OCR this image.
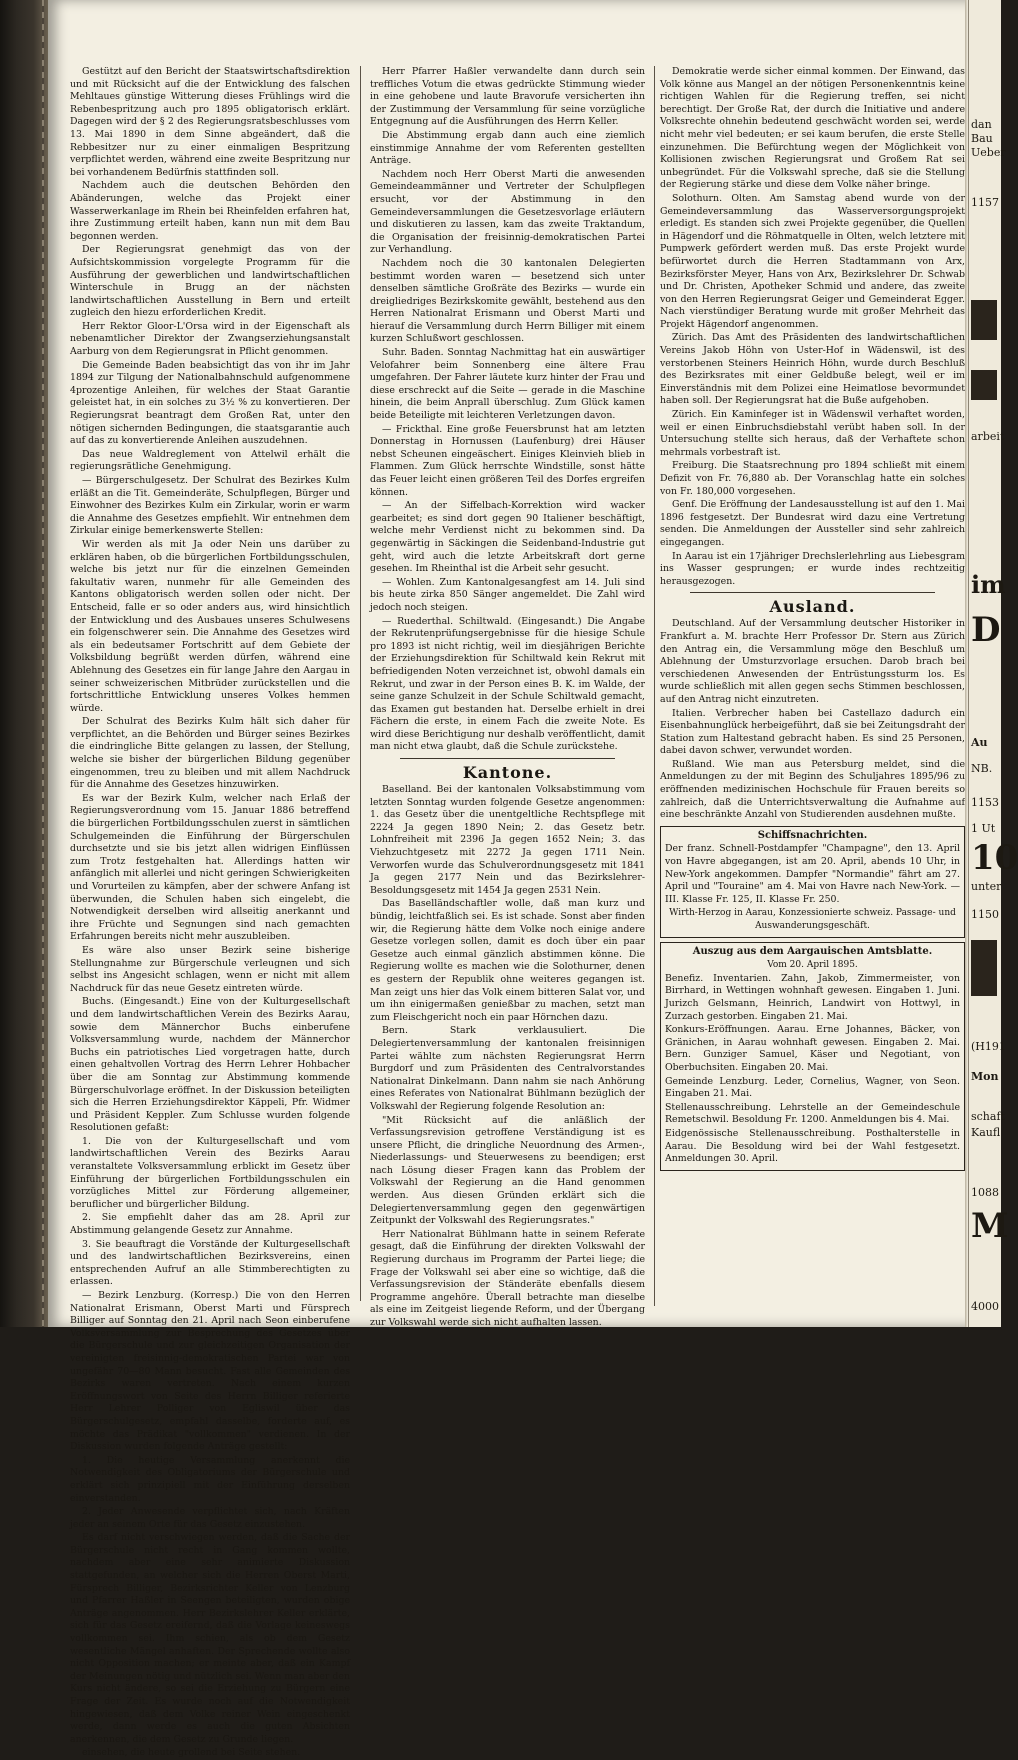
Gestützt auf den Bericht der Staatswirtschaftsdirektion und mit Rücksicht auf die der Entwicklung des falschen Mehltaues günstige Witterung dieses Frühlings wird die Rebenbespritzung auch pro 1895 obligatorisch erklärt. Dagegen wird der § 2 des Regierungsratsbeschlusses vom 13. Mai 1890 in dem Sinne abgeändert, daß die Rebbesitzer nur zu einer einmaligen Bespritzung verpflichtet werden, während eine zweite Bespritzung nur bei vorhandenem Bedürfnis stattfinden soll.

Nachdem auch die deutschen Behörden den Abänderungen, welche das Projekt einer Wasserwerkanlage im Rhein bei Rheinfelden erfahren hat, ihre Zustimmung erteilt haben, kann nun mit dem Bau begonnen werden.

Der Regierungsrat genehmigt das von der Aufsichtskommission vorgelegte Programm für die Ausführung der gewerblichen und landwirtschaftlichen Winterschule in Brugg an der nächsten landwirtschaftlichen Ausstellung in Bern und erteilt zugleich den hiezu erforderlichen Kredit.

Herr Rektor Gloor-L'Orsa wird in der Eigenschaft als nebenamtlicher Direktor der Zwangserziehungsanstalt Aarburg von dem Regierungsrat in Pflicht genommen.

Die Gemeinde Baden beabsichtigt das von ihr im Jahr 1894 zur Tilgung der Nationalbahnschuld aufgenommene 4prozentige Anleihen, für welches der Staat Garantie geleistet hat, in ein solches zu 3½ % zu konvertieren. Der Regierungsrat beantragt dem Großen Rat, unter den nötigen sichernden Bedingungen, die staatsgarantie auch auf das zu konvertierende Anleihen auszudehnen.

Das neue Waldreglement von Attelwil erhält die regierungsrätliche Genehmigung.

— Bürgerschulgesetz. Der Schulrat des Bezirkes Kulm erläßt an die Tit. Gemeinderäte, Schulpflegen, Bürger und Einwohner des Bezirkes Kulm ein Zirkular, worin er warm die Annahme des Gesetzes empfiehlt. Wir entnehmen dem Zirkular einige bemerkenswerte Stellen:

Wir werden als mit Ja oder Nein uns darüber zu erklären haben, ob die bürgerlichen Fortbildungsschulen, welche bis jetzt nur für die einzelnen Gemeinden fakultativ waren, nunmehr für alle Gemeinden des Kantons obligatorisch werden sollen oder nicht. Der Entscheid, falle er so oder anders aus, wird hinsichtlich der Entwicklung und des Ausbaues unseres Schulwesens ein folgenschwerer sein. Die Annahme des Gesetzes wird als ein bedeutsamer Fortschritt auf dem Gebiete der Volksbildung begrüßt werden dürfen, während eine Ablehnung des Gesetzes ein für lange Jahre den Aargau in seiner schweizerischen Mitbrüder zurückstellen und die fortschrittliche Entwicklung unseres Volkes hemmen würde.

Der Schulrat des Bezirks Kulm hält sich daher für verpflichtet, an die Behörden und Bürger seines Bezirkes die eindringliche Bitte gelangen zu lassen, der Stellung, welche sie bisher der bürgerlichen Bildung gegenüber eingenommen, treu zu bleiben und mit allem Nachdruck für die Annahme des Gesetzes hinzuwirken.

Es war der Bezirk Kulm, welcher nach Erlaß der Regierungsverordnung vom 15. Januar 1886 betreffend die bürgerlichen Fortbildungsschulen zuerst in sämtlichen Schulgemeinden die Einführung der Bürgerschulen durchsetzte und sie bis jetzt allen widrigen Einflüssen zum Trotz festgehalten hat. Allerdings hatten wir anfänglich mit allerlei und nicht geringen Schwierigkeiten und Vorurteilen zu kämpfen, aber der schwere Anfang ist überwunden, die Schulen haben sich eingelebt, die Notwendigkeit derselben wird allseitig anerkannt und ihre Früchte und Segnungen sind nach gemachten Erfahrungen bereits nicht mehr auszubleiben.

Es wäre also unser Bezirk seine bisherige Stellungnahme zur Bürgerschule verleugnen und sich selbst ins Angesicht schlagen, wenn er nicht mit allem Nachdruck für das neue Gesetz eintreten würde.

Buchs. (Eingesandt.) Eine von der Kulturgesellschaft und dem landwirtschaftlichen Verein des Bezirks Aarau, sowie dem Männerchor Buchs einberufene Volksversammlung wurde, nachdem der Männerchor Buchs ein patriotisches Lied vorgetragen hatte, durch einen gehaltvollen Vortrag des Herrn Lehrer Hohbacher über die am Sonntag zur Abstimmung kommende Bürgerschulvorlage eröffnet. In der Diskussion beteiligten sich die Herren Erziehungsdirektor Käppeli, Pfr. Widmer und Präsident Keppler. Zum Schlusse wurden folgende Resolutionen gefaßt:

1. Die von der Kulturgesellschaft und vom landwirtschaftlichen Verein des Bezirks Aarau veranstaltete Volksversammlung erblickt im Gesetz über Einführung der bürgerlichen Fortbildungsschulen ein vorzügliches Mittel zur Förderung allgemeiner, beruflicher und bürgerlicher Bildung.

2. Sie empfiehlt daher das am 28. April zur Abstimmung gelangende Gesetz zur Annahme.

3. Sie beauftragt die Vorstände der Kulturgesellschaft und des landwirtschaftlichen Bezirksvereins, einen entsprechenden Aufruf an alle Stimmberechtigten zu erlassen.

— Bezirk Lenzburg. (Korresp.) Die von den Herren Nationalrat Erismann, Oberst Marti und Fürsprech Billiger auf Sonntag den 21. April nach Seon einberufene Volksversammlung zur Besprechung des Gesetzes über die Bürgerschule und zur gleichzeitigen Organisation der vereinigten freisinnig-demokratischen Partei war von ungefähr 70—80 Mann besucht. Fast alle Gemeinden des Bezirks waren vertreten. Nach einem kurzen Eröffnungswort von Seite des Herrn Billiger referierte Herr Lehrer Polliger von Egliswil über das Bürgerschulgesetz, empfahl dasselbe, forderte auf, es möchte das Prädikat "vollkommen" verdienen. In der Diskussion wurden folgende Anträge gestellt:

1. Die heutige Versammlung anerkennt die Notwendigkeit des Obligatoriums der Bürgerschule und erklärt sich prinzipiell mit der Einführung derselben einverstanden.

2. Jeder Anwesende verpflichtet sich, nach Kräften jeder an seinem Orte für das Gesetz einzustehen.

Es darf nicht verschwiegen werden, daß die Sache der Bürgerschule nicht recht in Gang kommen wollte, nachdem aber eine sehr animierte Diskussion stattgefunden, an welcher sich die Herren Oberst Marti, Fürsprech Billiger, Bezirksrichter Keller von Lenzburg und Pfarrer Haßler in Seengen beteiligten, wurden obige Anträge angenommen. Herr Bezirkslehrer Keller erklärte, sich für das Gesetz ereifernd, daß die Vorlage keineswegs vollkommen sei. Ihm schien, als ob dem Gesetz wesentliche Mängel anhaften. Der Sprechende wollte also nicht Opposition machen; er meinte aber, daß ein Kampf der Meinungen nötig und nützlich sei. Wenn man aber den Kurs nicht ändere, so sei die Erziehung zu Bürgern eine Frage der Zeit. Es wurde noch auf die Notwendigkeit hingewiesen, daß dem Volke reiner Wein eingeschenkt werde, dann werde es auch die guten Absichten anerkennen, die dem Gesetz zu Grunde liegen.

einsehen, die heute grollend bei Seite stehen.

Herr Pfarrer Haßler verwandelte dann durch sein treffliches Votum die etwas gedrückte Stimmung wieder in eine gehobene und laute Bravorufe versicherten ihn der Zustimmung der Versammlung für seine vorzügliche Entgegnung auf die Ausführungen des Herrn Keller.

Die Abstimmung ergab dann auch eine ziemlich einstimmige Annahme der vom Referenten gestellten Anträge.

Nachdem noch Herr Oberst Marti die anwesenden Gemeindeammänner und Vertreter der Schulpflegen ersucht, vor der Abstimmung in den Gemeindeversammlungen die Gesetzesvorlage erläutern und diskutieren zu lassen, kam das zweite Traktandum, die Organisation der freisinnig-demokratischen Partei zur Verhandlung.

Nachdem noch die 30 kantonalen Delegierten bestimmt worden waren — besetzend sich unter denselben sämtliche Großräte des Bezirks — wurde ein dreigliedriges Bezirkskomite gewählt, bestehend aus den Herren Nationalrat Erismann und Oberst Marti und hierauf die Versammlung durch Herrn Billiger mit einem kurzen Schlußwort geschlossen.

Suhr. Baden. Sonntag Nachmittag hat ein auswärtiger Velofahrer beim Sonnenberg eine ältere Frau umgefahren. Der Fahrer läutete kurz hinter der Frau und diese erschreckt auf die Seite — gerade in die Maschine hinein, die beim Anprall überschlug. Zum Glück kamen beide Beteiligte mit leichteren Verletzungen davon.

— Frickthal. Eine große Feuersbrunst hat am letzten Donnerstag in Hornussen (Laufenburg) drei Häuser nebst Scheunen eingeäschert. Einiges Kleinvieh blieb in Flammen. Zum Glück herrschte Windstille, sonst hätte das Feuer leicht einen größeren Teil des Dorfes ergreifen können.

— An der Siffelbach-Korrektion wird wacker gearbeitet; es sind dort gegen 90 Italiener beschäftigt, welche mehr Verdienst nicht zu bekommen sind. Da gegenwärtig in Säckingen die Seidenband-Industrie gut geht, wird auch die letzte Arbeitskraft dort gerne gesehen. Im Rheinthal ist die Arbeit sehr gesucht.

— Wohlen. Zum Kantonalgesangfest am 14. Juli sind bis heute zirka 850 Sänger angemeldet. Die Zahl wird jedoch noch steigen.

— Ruederthal. Schiltwald. (Eingesandt.) Die Angabe der Rekrutenprüfungsergebnisse für die hiesige Schule pro 1893 ist nicht richtig, weil im diesjährigen Berichte der Erziehungsdirektion für Schiltwald kein Rekrut mit befriedigenden Noten verzeichnet ist, obwohl damals ein Rekrut, und zwar in der Person eines B. K. im Walde, der seine ganze Schulzeit in der Schule Schiltwald gemacht, das Examen gut bestanden hat. Derselbe erhielt in drei Fächern die erste, in einem Fach die zweite Note. Es wird diese Berichtigung nur deshalb veröffentlicht, damit man nicht etwa glaubt, daß die Schule zurückstehe.

Kantone.

Baselland. Bei der kantonalen Volksabstimmung vom letzten Sonntag wurden folgende Gesetze angenommen: 1. das Gesetz über die unentgeltliche Rechtspflege mit 2224 Ja gegen 1890 Nein; 2. das Gesetz betr. Lohnfreiheit mit 2396 Ja gegen 1652 Nein; 3. das Viehzuchtgesetz mit 2272 Ja gegen 1711 Nein. Verworfen wurde das Schulverordnungsgesetz mit 1841 Ja gegen 2177 Nein und das Bezirkslehrer-Besoldungsgesetz mit 1454 Ja gegen 2531 Nein.

Das Baselländschaftler wolle, daß man kurz und bündig, leichtfaßlich sei. Es ist schade. Sonst aber finden wir, die Regierung hätte dem Volke noch einige andere Gesetze vorlegen sollen, damit es doch über ein paar Gesetze auch einmal gänzlich abstimmen könne. Die Regierung wollte es machen wie die Solothurner, denen es gestern der Republik ohne weiteres gegangen ist. Man zeigt uns hier das Volk einem bitteren Salat vor, und um ihn einigermaßen genießbar zu machen, setzt man zum Fleischgericht noch ein paar Hörnchen dazu.

Bern. Stark verklausuliert. Die Delegiertenversammlung der kantonalen freisinnigen Partei wählte zum nächsten Regierungsrat Herrn Burgdorf und zum Präsidenten des Centralvorstandes Nationalrat Dinkelmann. Dann nahm sie nach Anhörung eines Referates von Nationalrat Bühlmann bezüglich der Volkswahl der Regierung folgende Resolution an:

"Mit Rücksicht auf die anläßlich der Verfassungsrevision getroffene Verständigung ist es unsere Pflicht, die dringliche Neuordnung des Armen-, Niederlassungs- und Steuerwesens zu beendigen; erst nach Lösung dieser Fragen kann das Problem der Volkswahl der Regierung an die Hand genommen werden. Aus diesen Gründen erklärt sich die Delegiertenversammlung gegen den gegenwärtigen Zeitpunkt der Volkswahl des Regierungsrates."

Herr Nationalrat Bühlmann hatte in seinem Referate gesagt, daß die Einführung der direkten Volkswahl der Regierung durchaus im Programm der Partei liege; die Frage der Volkswahl sei aber eine so wichtige, daß die Verfassungsrevision der Ständeräte ebenfalls diesem Programme angehöre. Überall betrachte man dieselbe als eine im Zeitgeist liegende Reform, und der Übergang zur Volkswahl werde sich nicht aufhalten lassen.

Demokratie werde sicher einmal kommen. Der Einwand, das Volk könne aus Mangel an der nötigen Personenkenntnis keine richtigen Wahlen für die Regierung treffen, sei nicht berechtigt. Der Große Rat, der durch die Initiative und andere Volksrechte ohnehin bedeutend geschwächt worden sei, werde nicht mehr viel bedeuten; er sei kaum berufen, die erste Stelle einzunehmen. Die Befürchtung wegen der Möglichkeit von Kollisionen zwischen Regierungsrat und Großem Rat sei unbegründet. Für die Volkswahl spreche, daß sie die Stellung der Regierung stärke und diese dem Volke näher bringe.

Solothurn. Olten. Am Samstag abend wurde von der Gemeindeversammlung das Wasserversorgungsprojekt erledigt. Es standen sich zwei Projekte gegenüber, die Quellen in Hägendorf und die Röhmatquelle in Olten, welch letztere mit Pumpwerk gefördert werden muß. Das erste Projekt wurde befürwortet durch die Herren Stadtammann von Arx, Bezirksförster Meyer, Hans von Arx, Bezirkslehrer Dr. Schwab und Dr. Christen, Apotheker Schmid und andere, das zweite von den Herren Regierungsrat Geiger und Gemeinderat Egger. Nach vierstündiger Beratung wurde mit großer Mehrheit das Projekt Hägendorf angenommen.

Zürich. Das Amt des Präsidenten des landwirtschaftlichen Vereins Jakob Höhn von Uster-Hof in Wädenswil, ist des verstorbenen Steiners Heinrich Höhn, wurde durch Beschluß des Bezirksrates mit einer Geldbuße belegt, weil er im Einverständnis mit dem Polizei eine Heimatlose bevormundet haben soll. Der Regierungsrat hat die Buße aufgehoben.

Zürich. Ein Kaminfeger ist in Wädenswil verhaftet worden, weil er einen Einbruchsdiebstahl verübt haben soll. In der Untersuchung stellte sich heraus, daß der Verhaftete schon mehrmals vorbestraft ist.

Freiburg. Die Staatsrechnung pro 1894 schließt mit einem Defizit von Fr. 76,880 ab. Der Voranschlag hatte ein solches von Fr. 180,000 vorgesehen.

Genf. Die Eröffnung der Landesausstellung ist auf den 1. Mai 1896 festgesetzt. Der Bundesrat wird dazu eine Vertretung senden. Die Anmeldungen der Aussteller sind sehr zahlreich eingegangen.

In Aarau ist ein 17jähriger Drechslerlehrling aus Liebesgram ins Wasser gesprungen; er wurde indes rechtzeitig herausgezogen.

Ausland.

Deutschland. Auf der Versammlung deutscher Historiker in Frankfurt a. M. brachte Herr Professor Dr. Stern aus Zürich den Antrag ein, die Versammlung möge den Beschluß um Ablehnung der Umsturzvorlage ersuchen. Darob brach bei verschiedenen Anwesenden der Entrüstungssturm los. Es wurde schließlich mit allen gegen sechs Stimmen beschlossen, auf den Antrag nicht einzutreten.

Italien. Verbrecher haben bei Castellazo dadurch ein Eisenbahnunglück herbeigeführt, daß sie bei Zeitungsdraht der Station zum Haltestand gebracht haben. Es sind 25 Personen, dabei davon schwer, verwundet worden.

Rußland. Wie man aus Petersburg meldet, sind die Anmeldungen zu der mit Beginn des Schuljahres 1895/96 zu eröffnenden medizinischen Hochschule für Frauen bereits so zahlreich, daß die Unterrichtsverwaltung die Aufnahme auf eine beschränkte Anzahl von Studierenden ausdehnen mußte.

Schiffsnachrichten.

Der franz. Schnell-Postdampfer "Champagne", den 13. April von Havre abgegangen, ist am 20. April, abends 10 Uhr, in New-York angekommen. Dampfer "Normandie" fährt am 27. April und "Touraine" am 4. Mai von Havre nach New-York. — III. Klasse Fr. 125, II. Klasse Fr. 250.

Wirth-Herzog in Aarau, Konzessionierte schweiz. Passage- und Auswanderungsgeschäft.

Auszug aus dem Aargauischen Amtsblatte.

Vom 20. April 1895.

Benefiz. Inventarien. Zahn, Jakob, Zimmermeister, von Birrhard, in Wettingen wohnhaft gewesen. Eingaben 1. Juni. Jurizch Gelsmann, Heinrich, Landwirt von Hottwyl, in Zurzach gestorben. Eingaben 21. Mai.

Konkurs-Eröffnungen. Aarau. Erne Johannes, Bäcker, von Gränichen, in Aarau wohnhaft gewesen. Eingaben 2. Mai. Bern. Gunziger Samuel, Käser und Negotiant, von Oberbuchsiten. Eingaben 20. Mai.

Gemeinde Lenzburg. Leder, Cornelius, Wagner, von Seon. Eingaben 21. Mai.

Stellenausschreibung. Lehrstelle an der Gemeindeschule Remetschwil. Besoldung Fr. 1200. Anmeldungen bis 4. Mai.

Eidgenössische Stellenausschreibung. Posthalterstelle in Aarau. Die Besoldung wird bei der Wahl festgesetzt. Anmeldungen 30. April.

dan
Bau
Ueber
1157
arbeit
im
D
Au
NB.
1153
1 Ut
10
unter
1150
(H191
Mon
schaft
Kaufl
1088
M
4000
